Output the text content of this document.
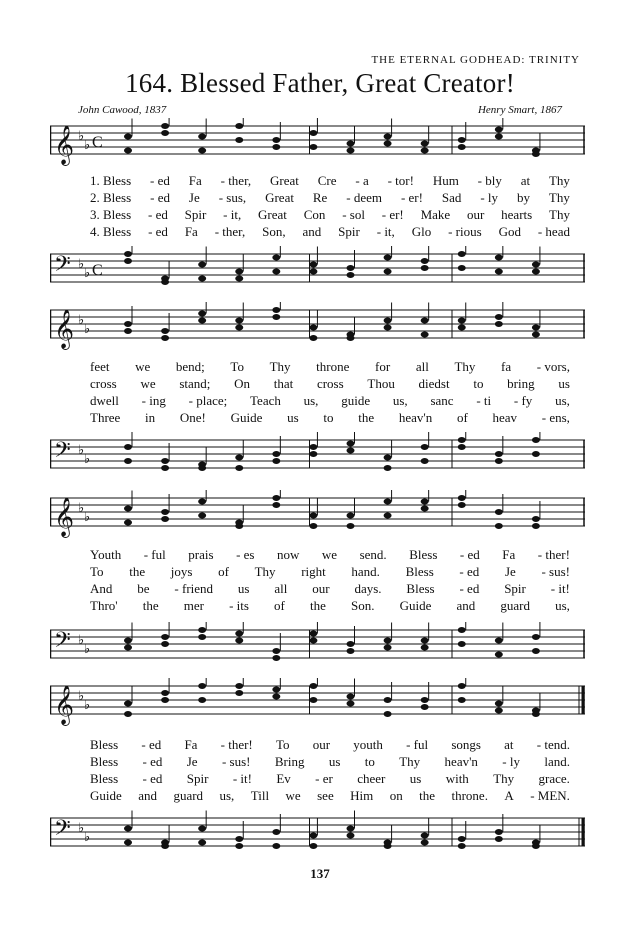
THE ETERNAL GODHEAD: TRINITY
164. Blessed Father, Great Creator!
John Cawood, 1837	Henry Smart, 1867
𝄞 ♭
♭ C
1. Bless - ed Fa - ther, Great Cre - a - tor! Hum - bly at Thy
2. Bless - ed Je - sus, Great Re - deem - er! Sad - ly by Thy
3. Bless - ed Spir - it, Great Con - sol - er! Make our hearts Thy
4. Bless - ed Fa - ther, Son, and Spir - it, Glo - rious God - head
𝄢 ♭
♭ C
𝄞 ♭
♭
feet we bend; To Thy throne for all Thy fa - vors,
cross we stand; On that cross Thou diedst to bring us
dwell - ing - place; Teach us, guide us, sanc - ti - fy us,
Three in One! Guide us to the heav'n of heav - ens,
𝄢 ♭
♭
𝄞 ♭
♭
Youth - ful prais - es now we send. Bless - ed Fa - ther!
To the joys of Thy right hand. Bless - ed Je - sus!
And be - friend us all our days. Bless - ed Spir - it!
Thro' the mer - its of the Son. Guide and guard us,
𝄢 ♭
♭
𝄞 ♭
♭
Bless - ed Fa - ther! To our youth - ful songs at - tend.
Bless - ed Je - sus! Bring us to Thy heav'n - ly land.
Bless - ed Spir - it! Ev - er cheer us with Thy grace.
Guide and guard us, Till we see Him on the throne. A - MEN.
𝄢 ♭
♭
137
